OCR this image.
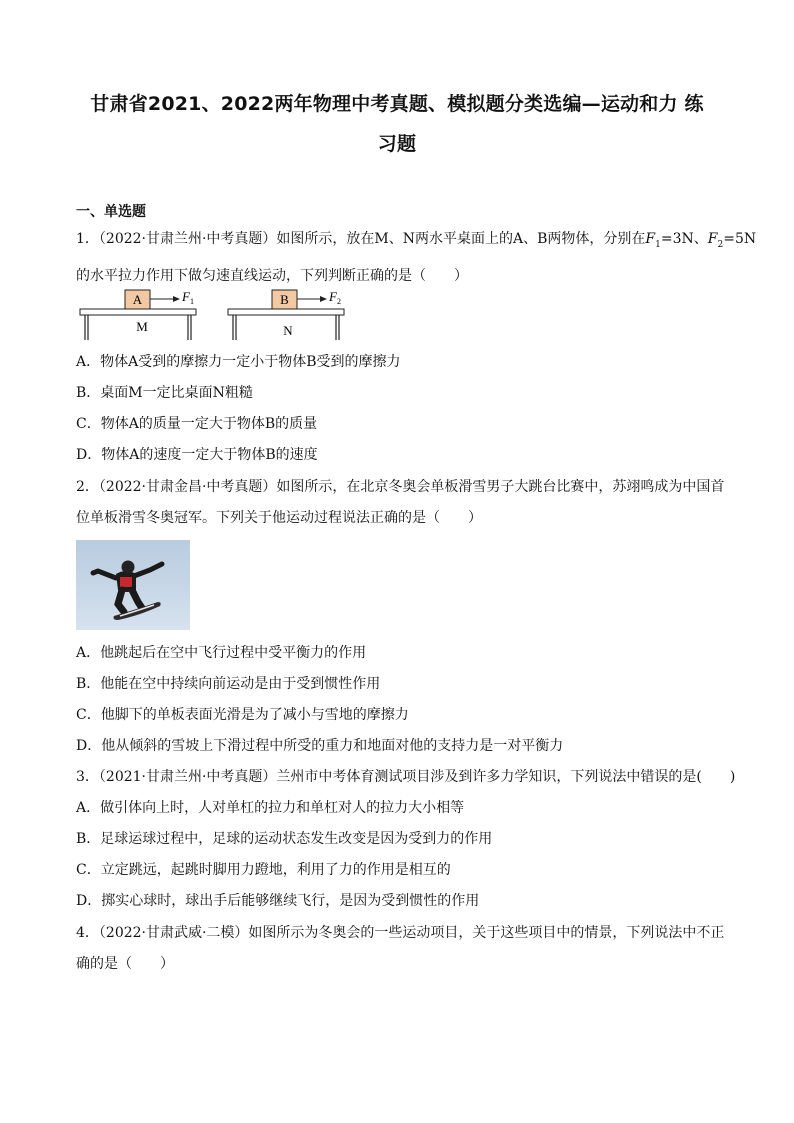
甘肃省2021、2022两年物理中考真题、模拟题分类选编—运动和力 练
习题
一、单选题
1．（2022·甘肃兰州·中考真题）如图所示，放在M、N两水平桌面上的A、B两物体，分别在$F_1=3N$、$F_2=5N$
的水平拉力作用下做匀速直线运动，下列判断正确的是（　　）
A	$F_1$
M
B	$F_2$
N
A．物体A受到的摩擦力一定小于物体B受到的摩擦力
B．桌面M一定比桌面N粗糙
C．物体A的质量一定大于物体B的质量
D．物体A的速度一定大于物体B的速度
2．（2022·甘肃金昌·中考真题）如图所示，在北京冬奥会单板滑雪男子大跳台比赛中，苏翊鸣成为中国首
位单板滑雪冬奥冠军。下列关于他运动过程说法正确的是（　　）
A．他跳起后在空中飞行过程中受平衡力的作用
B．他能在空中持续向前运动是由于受到惯性作用
C．他脚下的单板表面光滑是为了减小与雪地的摩擦力
D．他从倾斜的雪坡上下滑过程中所受的重力和地面对他的支持力是一对平衡力
3．（2021·甘肃兰州·中考真题）兰州市中考体育测试项目涉及到许多力学知识，下列说法中错误的是(　　)
A．做引体向上时，人对单杠的拉力和单杠对人的拉力大小相等
B．足球运球过程中，足球的运动状态发生改变是因为受到力的作用
C．立定跳远，起跳时脚用力蹬地，利用了力的作用是相互的
D．掷实心球时，球出手后能够继续飞行，是因为受到惯性的作用
4．（2022·甘肃武威·二模）如图所示为冬奥会的一些运动项目，关于这些项目中的情景，下列说法中不正
确的是（　　）
